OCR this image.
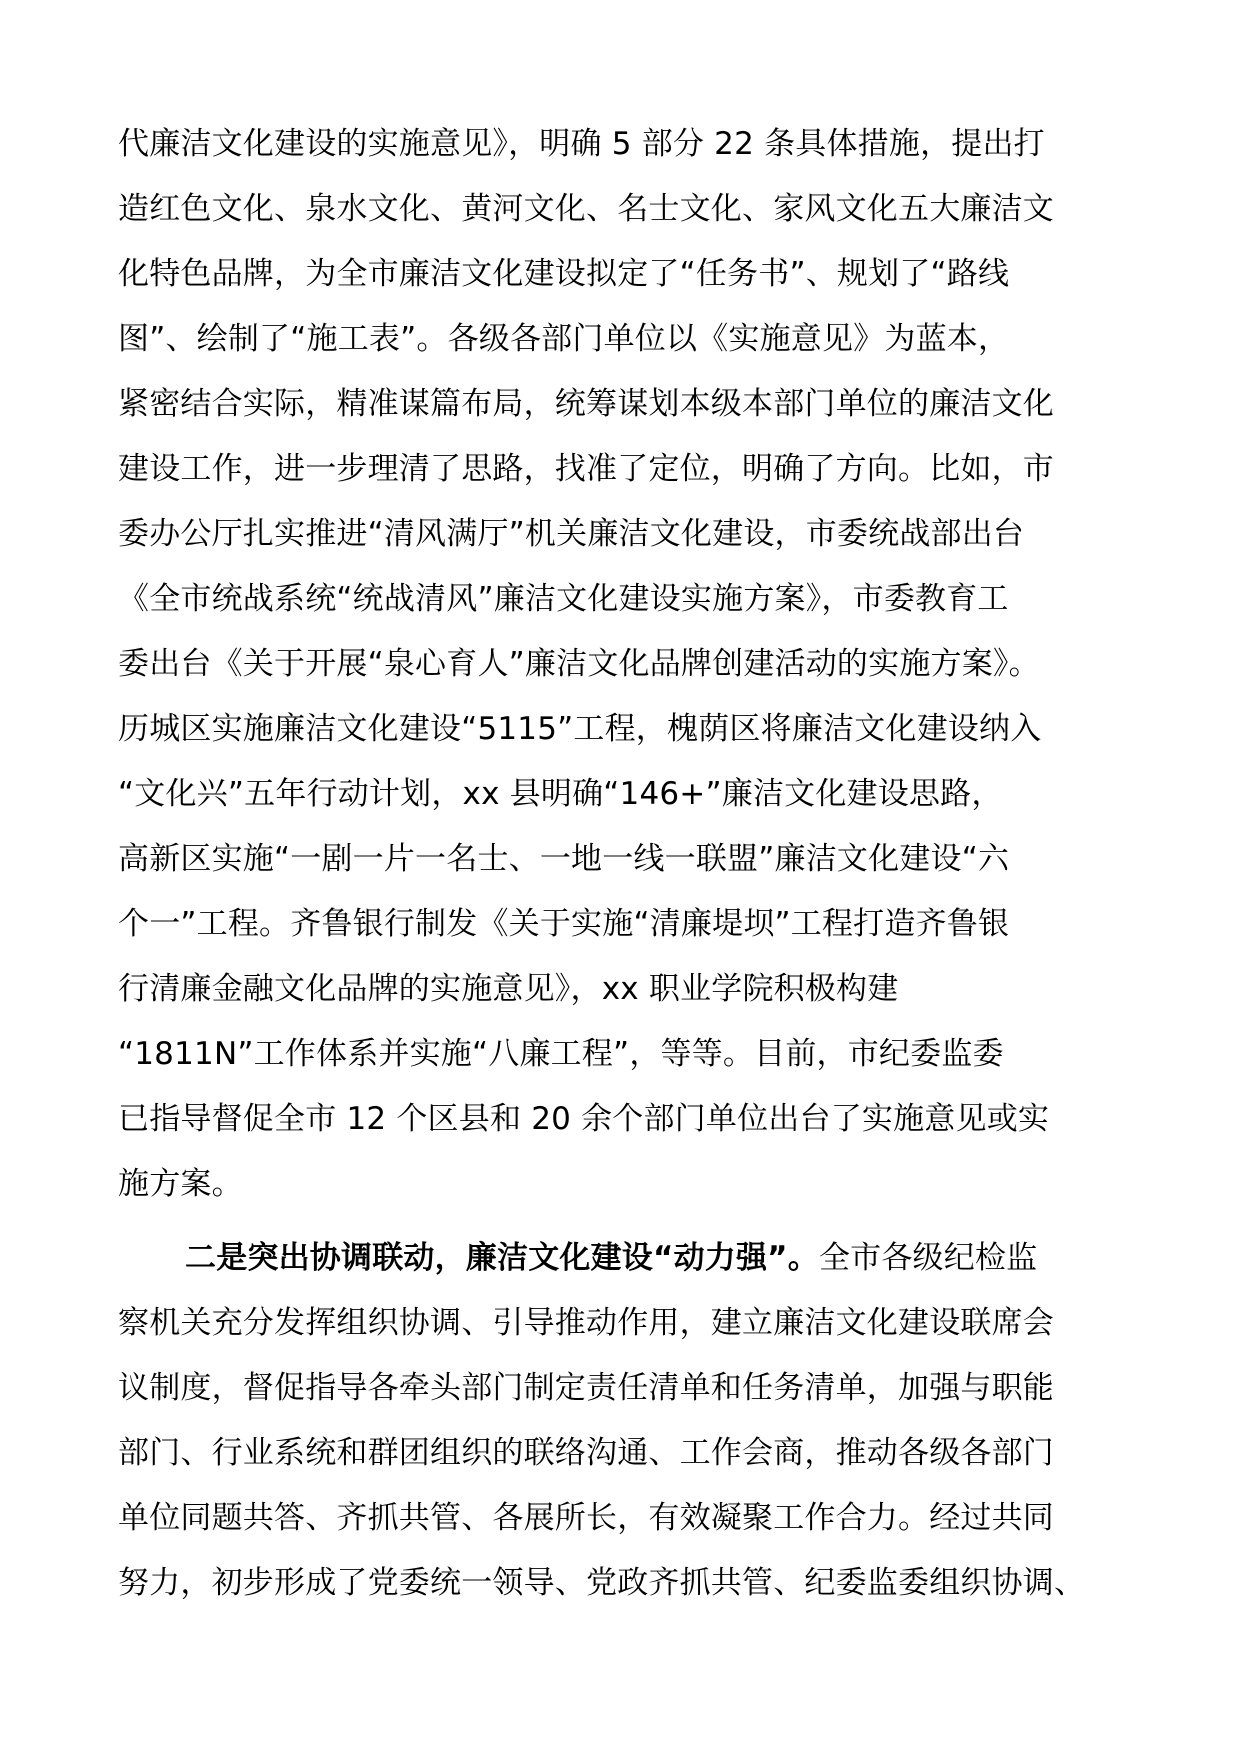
代廉洁文化建设的实施意见》，明确 5 部分 22 条具体措施，提出打
造红色文化、泉水文化、黄河文化、名士文化、家风文化五大廉洁文
化特色品牌，为全市廉洁文化建设拟定了“任务书”、规划了“路线
图”、绘制了“施工表”。各级各部门单位以《实施意见》为蓝本，
紧密结合实际，精准谋篇布局，统筹谋划本级本部门单位的廉洁文化
建设工作，进一步理清了思路，找准了定位，明确了方向。比如，市
委办公厅扎实推进“清风满厅”机关廉洁文化建设，市委统战部出台
《全市统战系统“统战清风”廉洁文化建设实施方案》，市委教育工
委出台《关于开展“泉心育人”廉洁文化品牌创建活动的实施方案》。
历城区实施廉洁文化建设“5115”工程，槐荫区将廉洁文化建设纳入
“文化兴”五年行动计划，xx 县明确“146+”廉洁文化建设思路，
高新区实施“一剧一片一名士、一地一线一联盟”廉洁文化建设“六
个一”工程。齐鲁银行制发《关于实施“清廉堤坝”工程打造齐鲁银
行清廉金融文化品牌的实施意见》，xx 职业学院积极构建
“1811N”工作体系并实施“八廉工程”，等等。目前，市纪委监委
已指导督促全市 12 个区县和 20 余个部门单位出台了实施意见或实
施方案。
二是突出协调联动，廉洁文化建设“动力强”。全市各级纪检监
察机关充分发挥组织协调、引导推动作用，建立廉洁文化建设联席会
议制度，督促指导各牵头部门制定责任清单和任务清单，加强与职能
部门、行业系统和群团组织的联络沟通、工作会商，推动各级各部门
单位同题共答、齐抓共管、各展所长，有效凝聚工作合力。经过共同
努力，初步形成了党委统一领导、党政齐抓共管、纪委监委组织协调、
